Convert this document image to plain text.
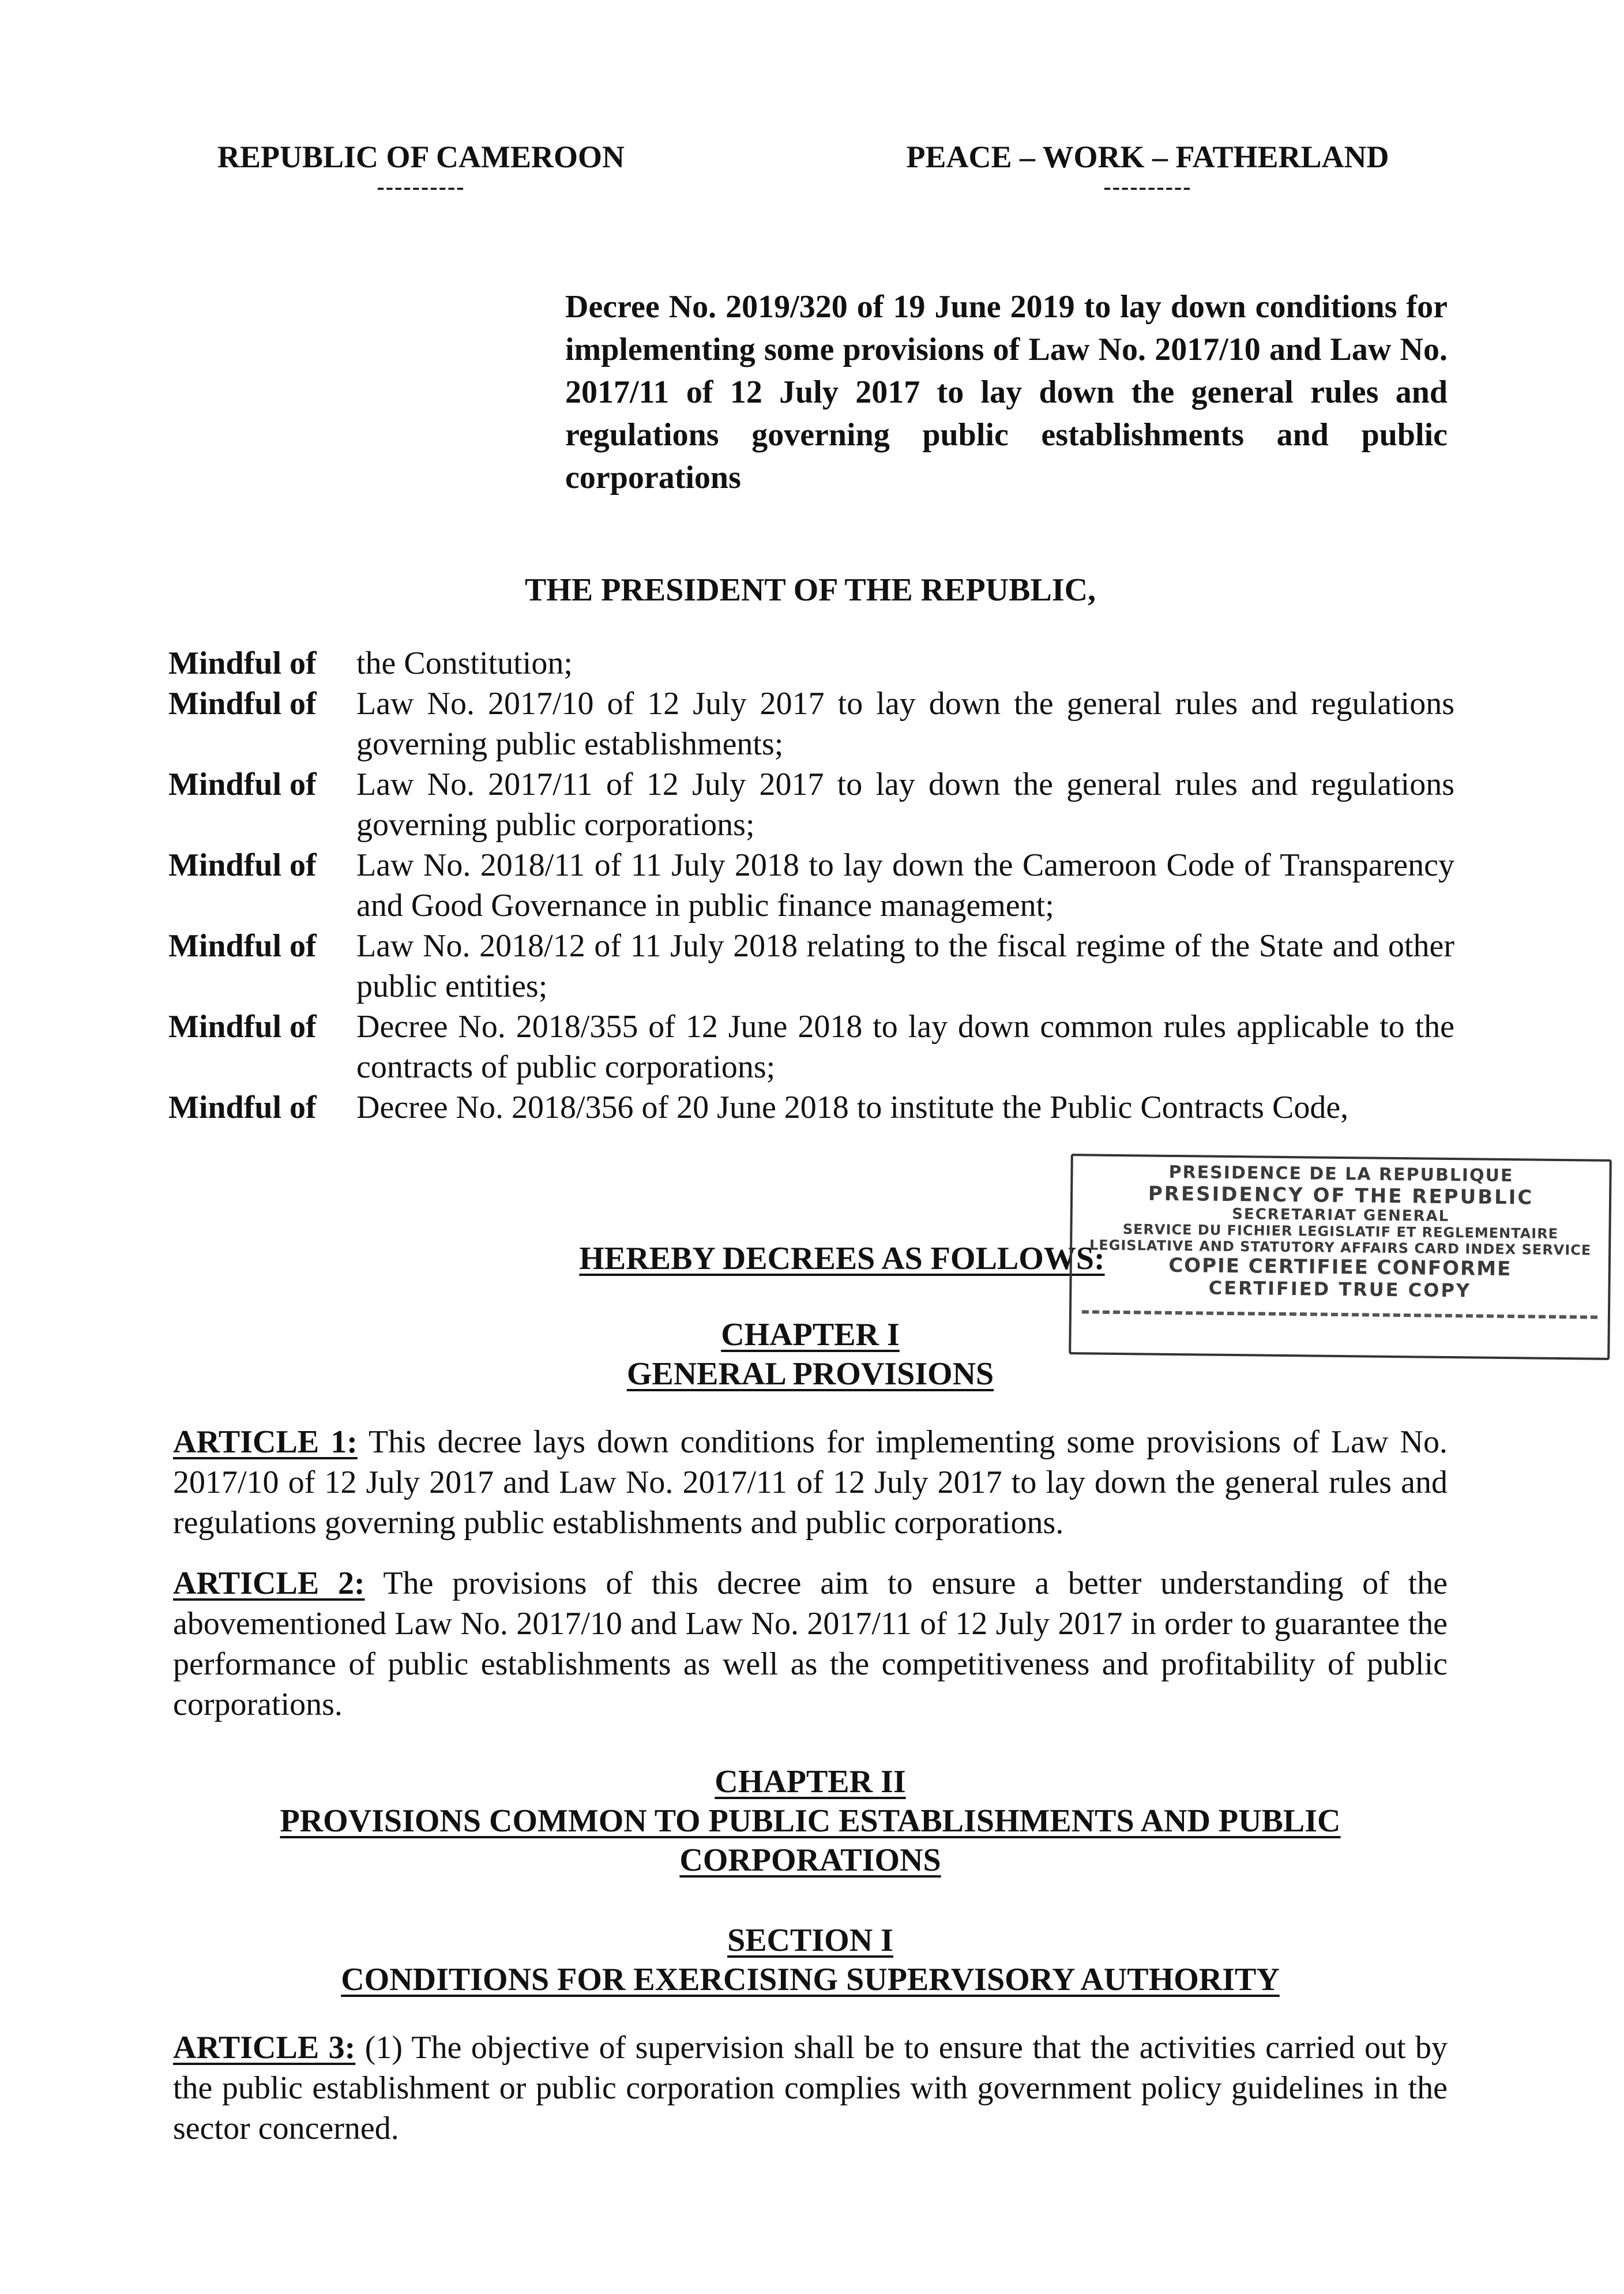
REPUBLIC OF CAMEROON
----------
PEACE – WORK – FATHERLAND
----------
Decree No. 2019/320 of 19 June 2019 to lay down conditions for implementing some provisions of Law No. 2017/10 and Law No. 2017/11 of 12 July 2017 to lay down the general rules and regulations governing public establishments and public corporations
THE PRESIDENT OF THE REPUBLIC,
Mindful of	the Constitution;
Mindful of	Law No. 2017/10 of 12 July 2017 to lay down the general rules and regulations governing public establishments;
Mindful of	Law No. 2017/11 of 12 July 2017 to lay down the general rules and regulations governing public corporations;
Mindful of	Law No. 2018/11 of 11 July 2018 to lay down the Cameroon Code of Transparency and Good Governance in public finance management;
Mindful of	Law No. 2018/12 of 11 July 2018 relating to the fiscal regime of the State and other public entities;
Mindful of	Decree No. 2018/355 of 12 June 2018 to lay down common rules applicable to the contracts of public corporations;
Mindful of	Decree No. 2018/356 of 20 June 2018 to institute the Public Contracts Code,
HEREBY DECREES AS FOLLOWS:
PRESIDENCE DE LA REPUBLIQUE
PRESIDENCY OF THE REPUBLIC
SECRETARIAT GENERAL
SERVICE DU FICHIER LEGISLATIF ET REGLEMENTAIRE
LEGISLATIVE AND STATUTORY AFFAIRS CARD INDEX SERVICE
COPIE CERTIFIEE CONFORME
CERTIFIED TRUE COPY
CHAPTER I
GENERAL PROVISIONS
ARTICLE 1: This decree lays down conditions for implementing some provisions of Law No. 2017/10 of 12 July 2017 and Law No. 2017/11 of 12 July 2017 to lay down the general rules and regulations governing public establishments and public corporations.
ARTICLE 2: The provisions of this decree aim to ensure a better understanding of the abovementioned Law No. 2017/10 and Law No. 2017/11 of 12 July 2017 in order to guarantee the performance of public establishments as well as the competitiveness and profitability of public corporations.
CHAPTER II
PROVISIONS COMMON TO PUBLIC ESTABLISHMENTS AND PUBLIC CORPORATIONS
SECTION I
CONDITIONS FOR EXERCISING SUPERVISORY AUTHORITY
ARTICLE 3: (1) The objective of supervision shall be to ensure that the activities carried out by the public establishment or public corporation complies with government policy guidelines in the sector concerned.
